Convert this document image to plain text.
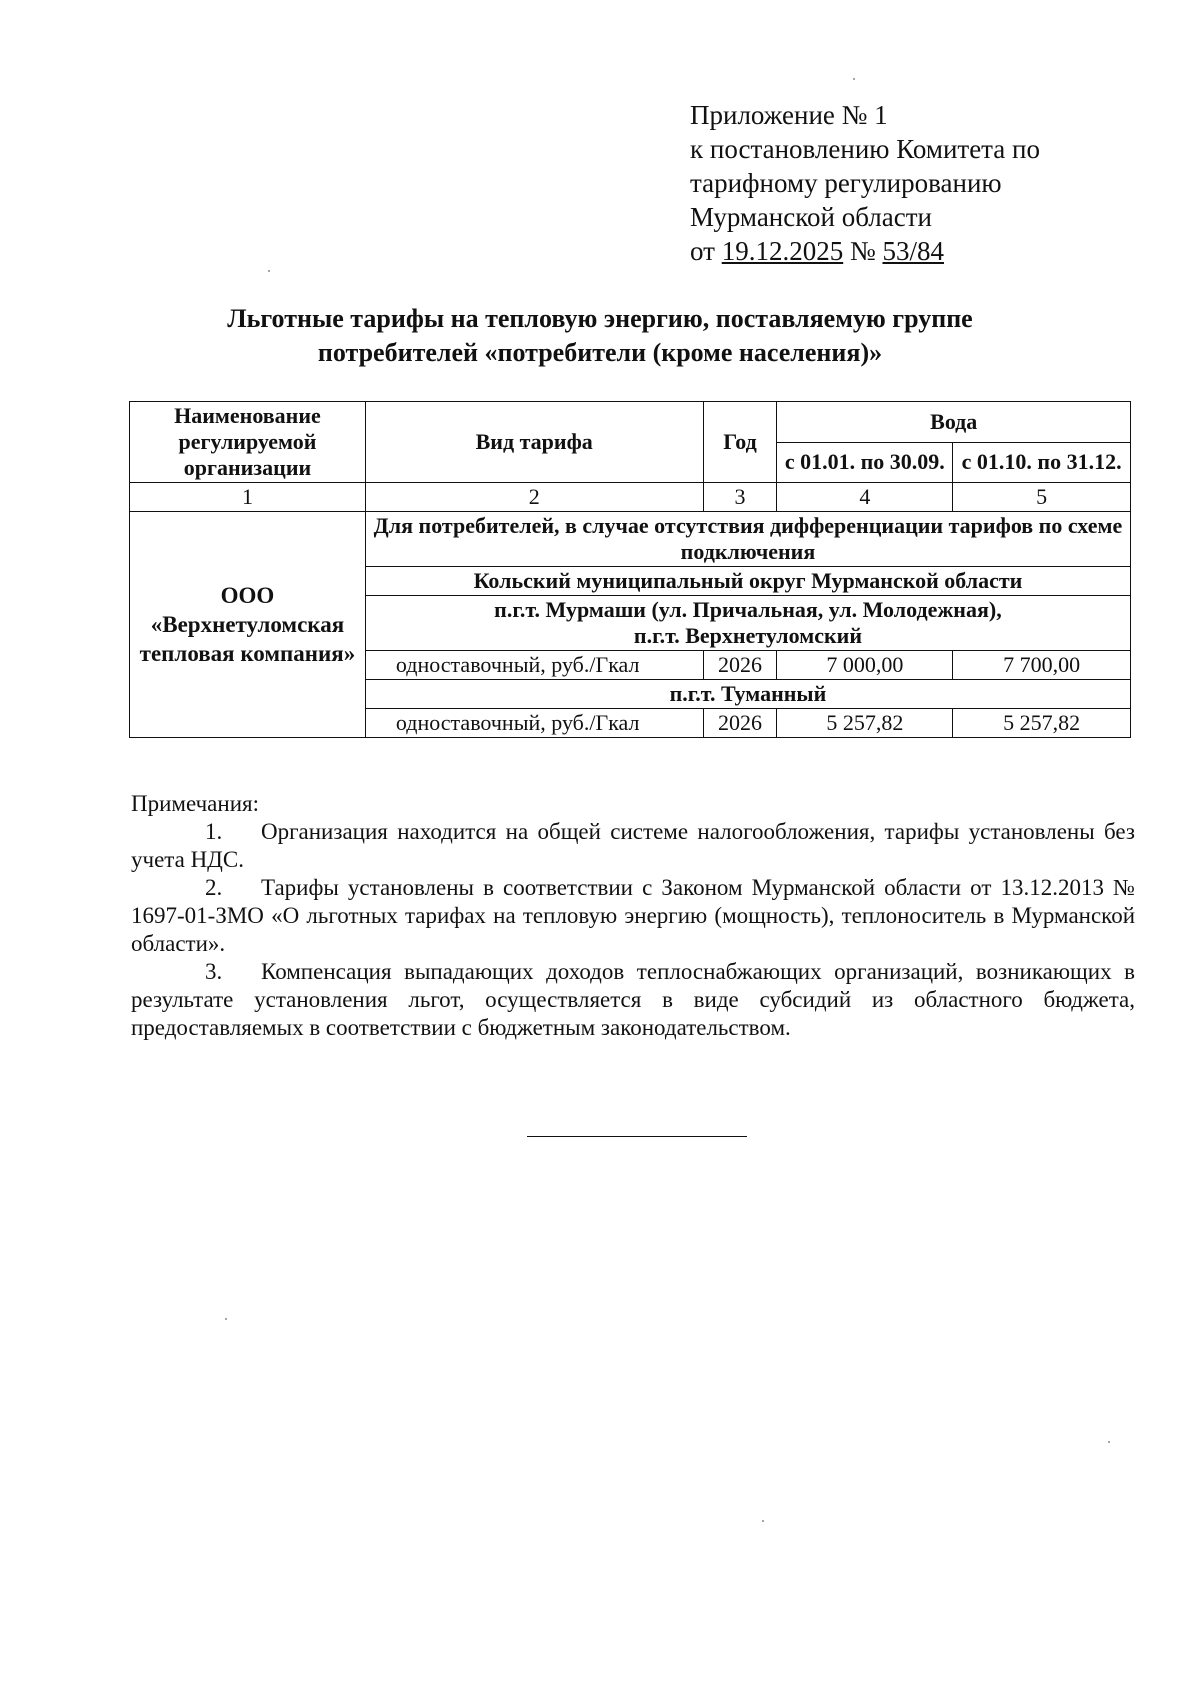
Приложение № 1
к постановлению Комитета по
тарифному регулированию
Мурманской области
от 19.12.2025 № 53/84
Льготные тарифы на тепловую энергию, поставляемую группе
потребителей «потребители (кроме населения)»
Наименование регулируемой организации	Вид тарифа	Год	Вода	
			с 01.01. по 30.09.	с 01.10. по 31.12.
1	2	3	4	5
ООО «Верхнетуломская тепловая компания»	Для потребителей, в случае отсутствия дифференциации тарифов по схеме подключения			
	Кольский муниципальный округ Мурманской области			
	п.г.т. Мурмаши (ул. Причальная, ул. Молодежная),
п.г.т. Верхнетуломский			
	одноставочный, руб./Гкал	2026	7 000,00	7 700,00
	п.г.т. Туманный			
	одноставочный, руб./Гкал	2026	5 257,82	5 257,82

Примечания:

1. Организация находится на общей системе налогообложения, тарифы установлены без учета НДС.

2. Тарифы установлены в соответствии с Законом Мурманской области от 13.12.2013 № 1697-01-ЗМО «О льготных тарифах на тепловую энергию (мощность), теплоноситель в Мурманской области».

3. Компенсация выпадающих доходов теплоснабжающих организаций, возникающих в результате установления льгот, осуществляется в виде субсидий из областного бюджета, предоставляемых в соответствии с бюджетным законодательством.
